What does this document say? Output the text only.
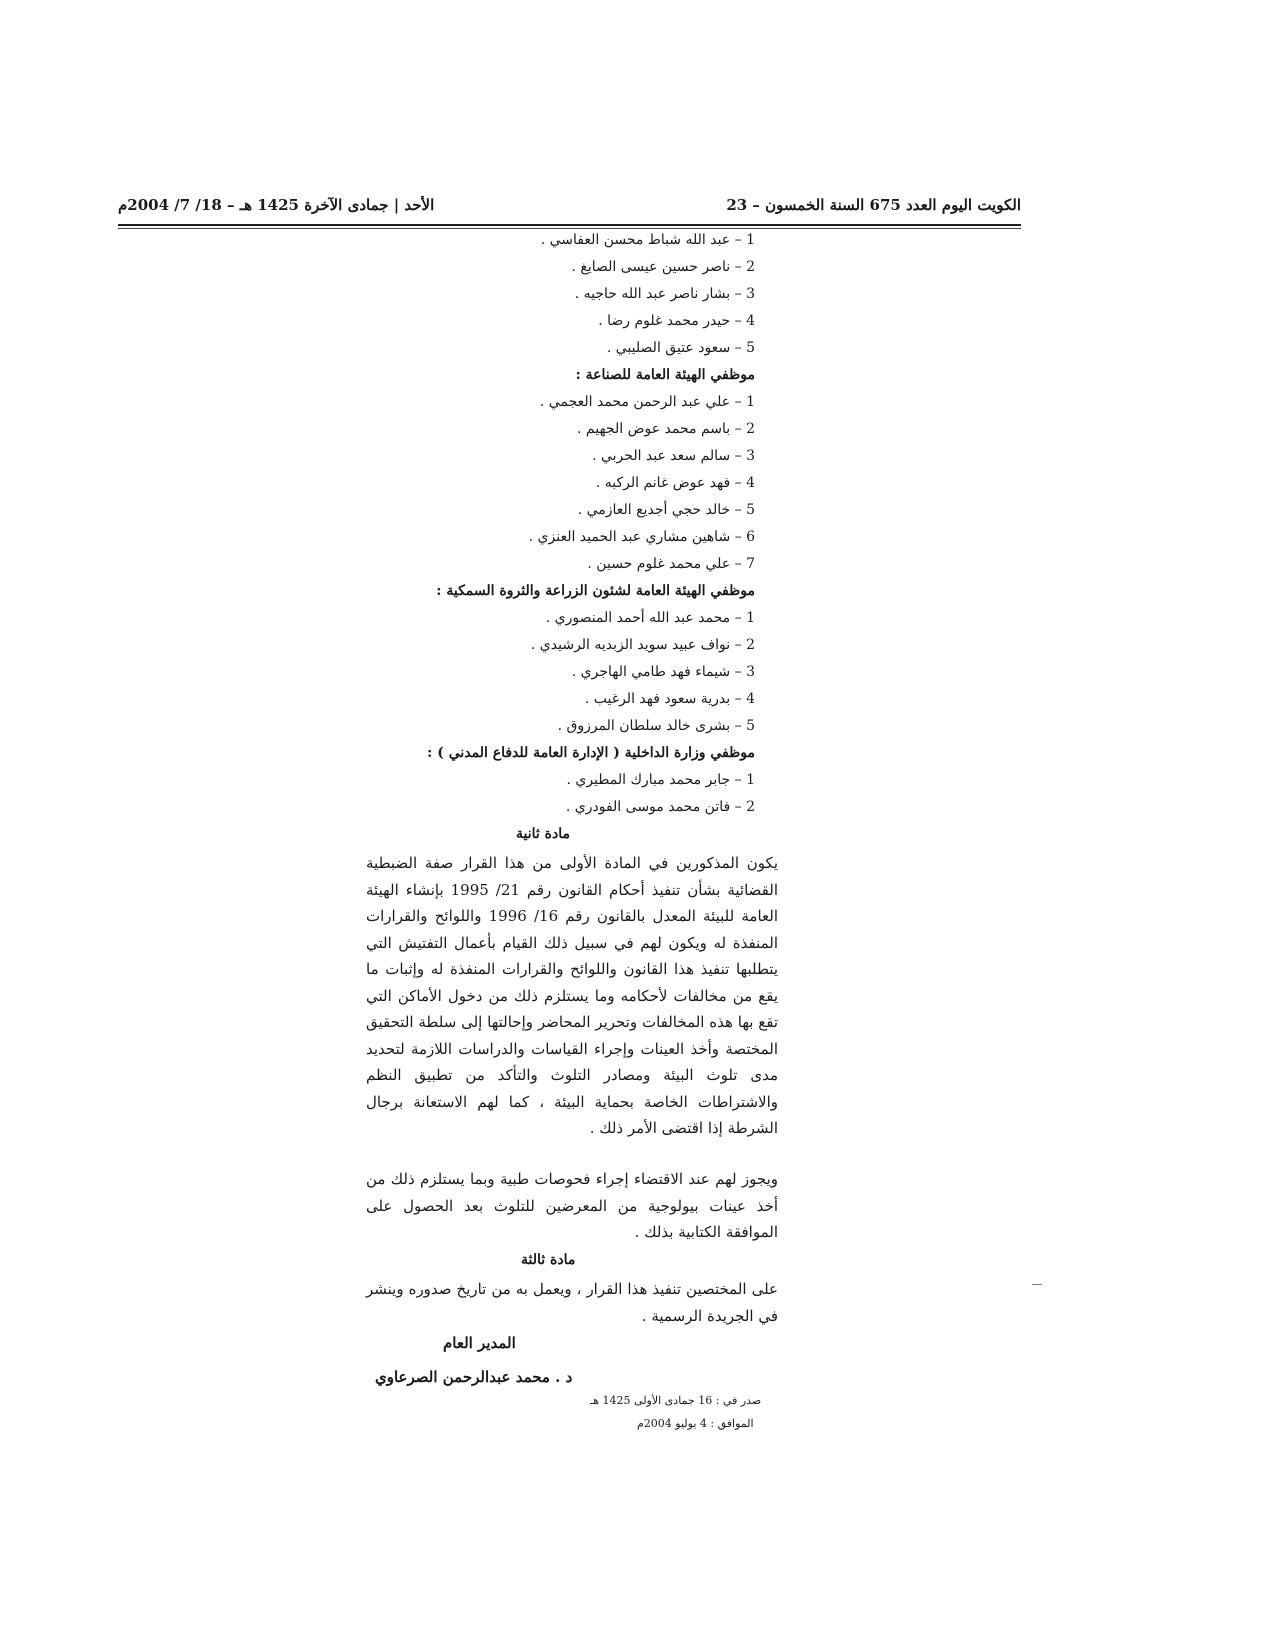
الكويت اليوم العدد 675 السنة الخمسون – 23
الأحد | جمادى الآخرة 1425 هـ – 18/ 7/ 2004م
1 – عبد الله شباط محسن العفاسي .
2 – ناصر حسين عيسى الصايغ .
3 – بشار ناصر عبد الله حاجيه .
4 – حيدر محمد غلوم رضا .
5 – سعود عتيق الصليبي .
موظفي الهيئة العامة للصناعة :
1 – علي عبد الرحمن محمد العجمي .
2 – باسم محمد عوض الجهيم .
3 – سالم سعد عبد الحربي .
4 – فهد عوض غانم الركبه .
5 – خالد حجي أجديع العازمي .
6 – شاهين مشاري عبد الحميد العنزي .
7 – علي محمد غلوم حسين .
موظفي الهيئة العامة لشئون الزراعة والثروة السمكية :
1 – محمد عبد الله أحمد المنصوري .
2 – نواف عبيد سويد الزبديه الرشيدي .
3 – شيماء فهد طامي الهاجري .
4 – بدرية سعود فهد الرغيب .
5 – بشرى خالد سلطان المرزوق .
موظفي وزارة الداخلية ( الإدارة العامة للدفاع المدني ) :
1 – جابر محمد مبارك المطيري .
2 – فاتن محمد موسى الفودري .
مادة ثانية
يكون المذكورين في المادة الأولى من هذا القرار صفة الضبطية القضائية بشأن تنفيذ أحكام القانون رقم 21/ 1995 بإنشاء الهيئة العامة للبيئة المعدل بالقانون رقم 16/ 1996 واللوائح والقرارات المنفذة له ويكون لهم في سبيل ذلك القيام بأعمال التفتيش التي يتطلبها تنفيذ هذا القانون واللوائح والقرارات المنفذة له وإثبات ما يقع من مخالفات لأحكامه وما يستلزم ذلك من دخول الأماكن التي تقع بها هذه المخالفات وتحرير المحاضر وإحالتها إلى سلطة التحقيق المختصة وأخذ العينات وإجراء القياسات والدراسات اللازمة لتحديد مدى تلوث البيئة ومصادر التلوث والتأكد من تطبيق النظم والاشتراطات الخاصة بحماية البيئة ، كما لهم الاستعانة برجال الشرطة إذا اقتضى الأمر ذلك .
ويجوز لهم عند الاقتضاء إجراء فحوصات طبية وبما يستلزم ذلك من أخذ عينات بيولوجية من المعرضين للتلوث بعد الحصول على الموافقة الكتابية بذلك .
مادة ثالثة
على المختصين تنفيذ هذا القرار ، ويعمل به من تاريخ صدوره وينشر في الجريدة الرسمية .
المدير العام
د . محمد عبدالرحمن الصرعاوي
صدر في : 16 جمادى الأولى 1425 هـ
الموافق : 4 يوليو 2004م
